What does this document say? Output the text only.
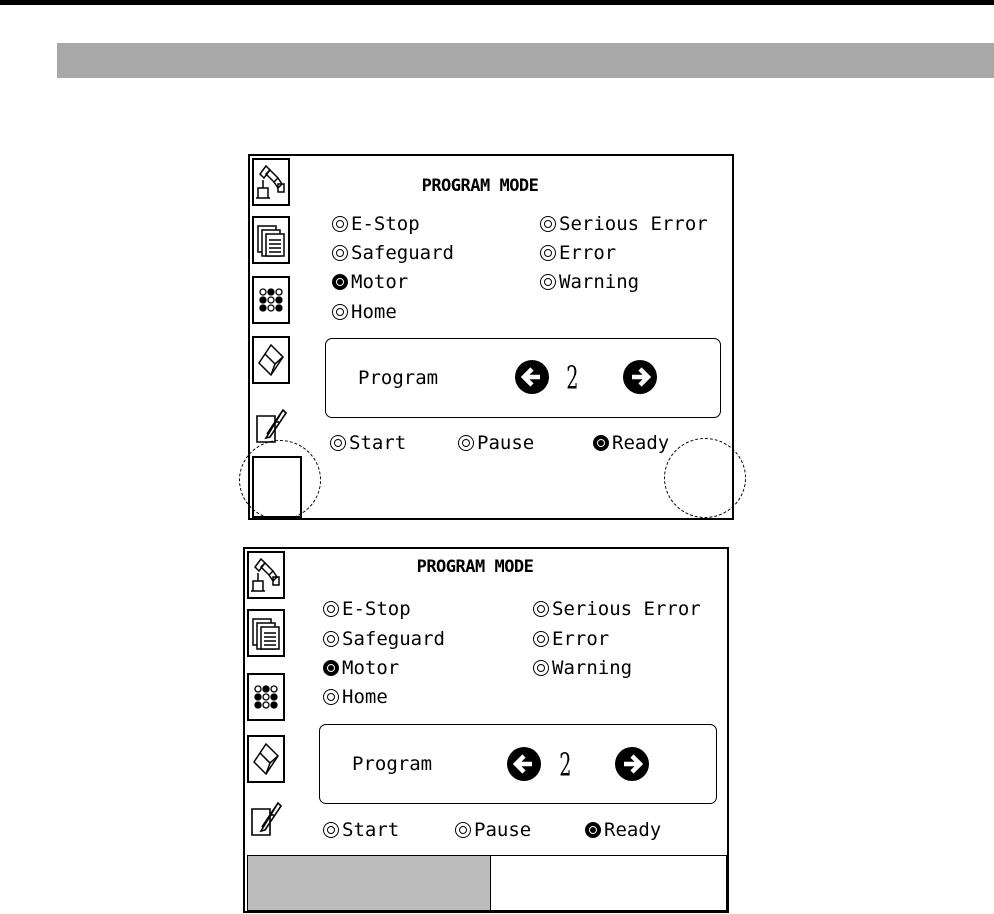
PROGRAM MODE
E-Stop
Safeguard
Motor
Home
Serious Error
Error
Warning
Program	2
Start	Pause	Ready
PROGRAM MODE
E-Stop
Safeguard
Motor
Home
Serious Error
Error
Warning
Program	2
Start	Pause	Ready
